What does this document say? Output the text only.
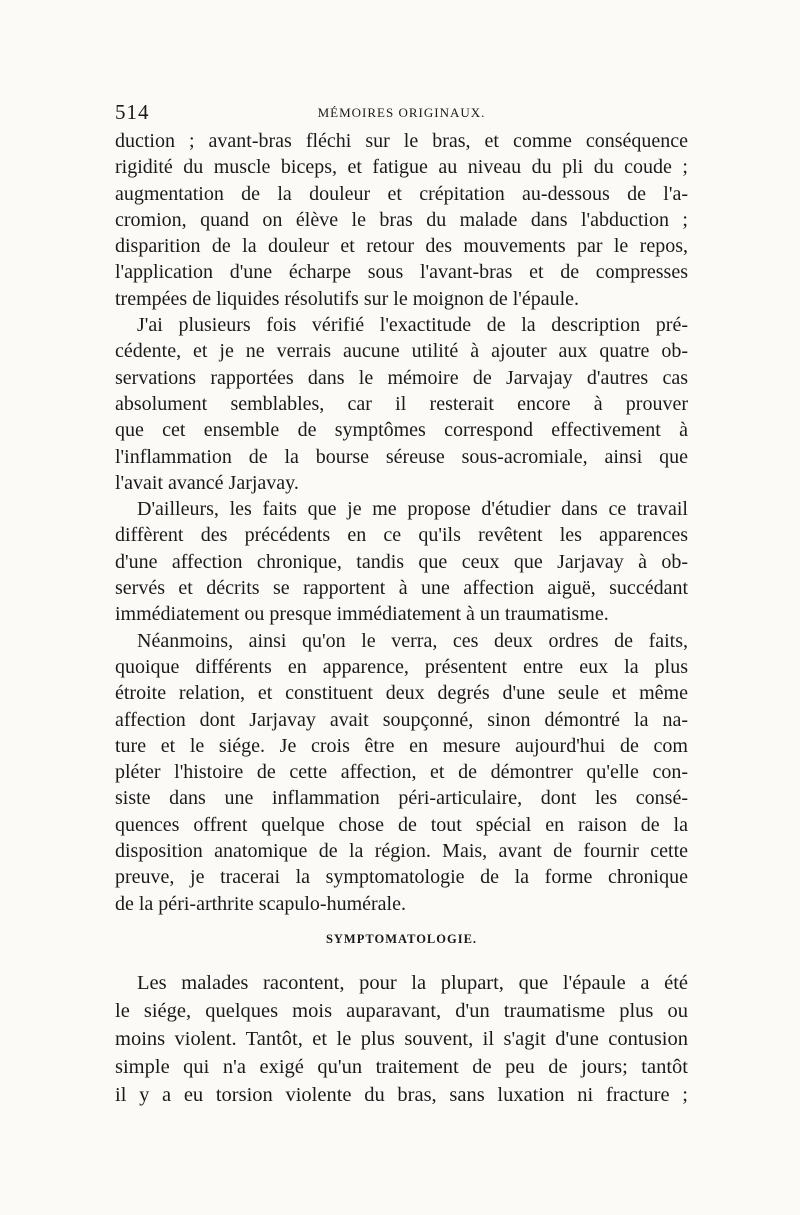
514	MÉMOIRES ORIGINAUX.
duction ; avant-bras fléchi sur le bras, et comme conséquence
rigidité du muscle biceps, et fatigue au niveau du pli du coude ;
augmentation de la douleur et crépitation au-dessous de l'a-
cromion, quand on élève le bras du malade dans l'abduction ;
disparition de la douleur et retour des mouvements par le repos,
l'application d'une écharpe sous l'avant-bras et de compresses
trempées de liquides résolutifs sur le moignon de l'épaule.
J'ai plusieurs fois vérifié l'exactitude de la description pré-
cédente, et je ne verrais aucune utilité à ajouter aux quatre ob-
servations rapportées dans le mémoire de Jarvajay d'autres cas
absolument semblables, car il resterait encore à prouver
que cet ensemble de symptômes correspond effectivement à
l'inflammation de la bourse séreuse sous-acromiale, ainsi que
l'avait avancé Jarjavay.
D'ailleurs, les faits que je me propose d'étudier dans ce travail
diffèrent des précédents en ce qu'ils revêtent les apparences
d'une affection chronique, tandis que ceux que Jarjavay à ob-
servés et décrits se rapportent à une affection aiguë, succédant
immédiatement ou presque immédiatement à un traumatisme.
Néanmoins, ainsi qu'on le verra, ces deux ordres de faits,
quoique différents en apparence, présentent entre eux la plus
étroite relation, et constituent deux degrés d'une seule et même
affection dont Jarjavay avait soupçonné, sinon démontré la na-
ture et le siége. Je crois être en mesure aujourd'hui de com
pléter l'histoire de cette affection, et de démontrer qu'elle con-
siste dans une inflammation péri-articulaire, dont les consé-
quences offrent quelque chose de tout spécial en raison de la
disposition anatomique de la région. Mais, avant de fournir cette
preuve, je tracerai la symptomatologie de la forme chronique
de la péri-arthrite scapulo-humérale.
SYMPTOMATOLOGIE.
Les malades racontent, pour la plupart, que l'épaule a été
le siége, quelques mois auparavant, d'un traumatisme plus ou
moins violent. Tantôt, et le plus souvent, il s'agit d'une contusion
simple qui n'a exigé qu'un traitement de peu de jours; tantôt
il y a eu torsion violente du bras, sans luxation ni fracture ;
